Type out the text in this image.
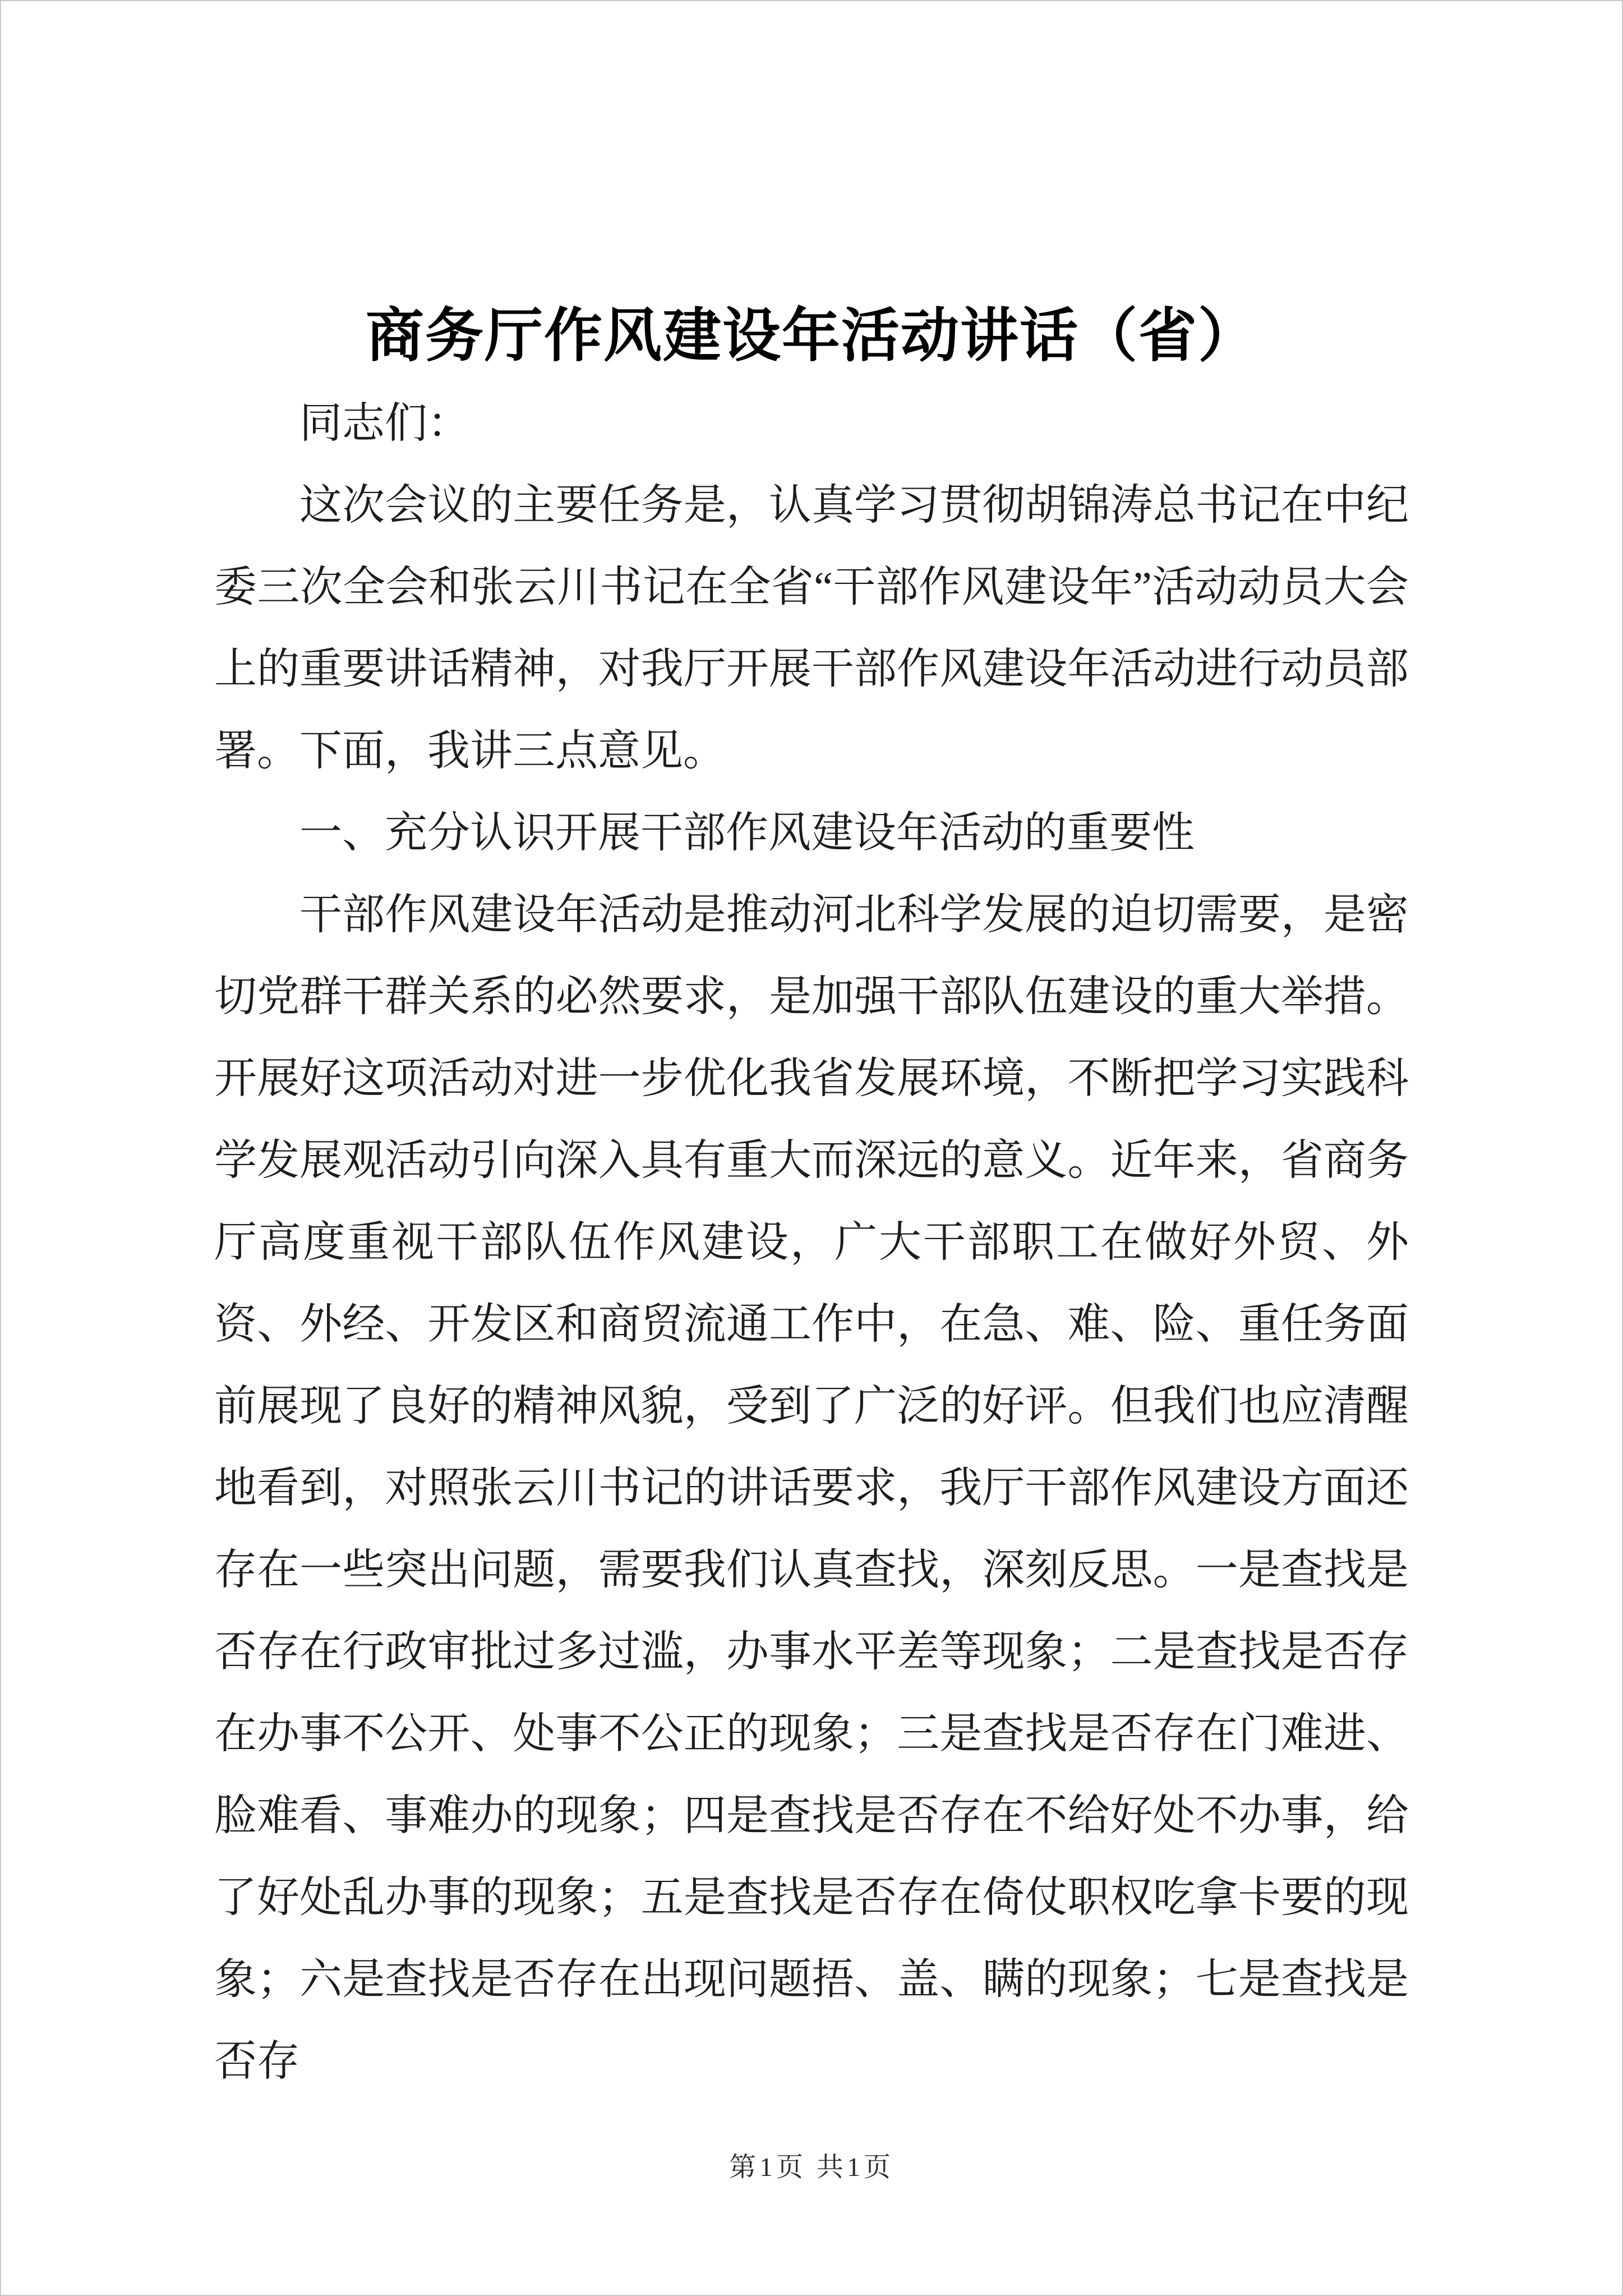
商务厅作风建设年活动讲话（省）

同志们：

这次会议的主要任务是，认真学习贯彻胡锦涛总书记在中纪委三次全会和张云川书记在全省“干部作风建设年”活动动员大会上的重要讲话精神，对我厅开展干部作风建设年活动进行动员部署。下面，我讲三点意见。

一、充分认识开展干部作风建设年活动的重要性

干部作风建设年活动是推动河北科学发展的迫切需要，是密切党群干群关系的必然要求，是加强干部队伍建设的重大举措。开展好这项活动对进一步优化我省发展环境，不断把学习实践科学发展观活动引向深入具有重大而深远的意义。近年来，省商务厅高度重视干部队伍作风建设，广大干部职工在做好外贸、外资、外经、开发区和商贸流通工作中，在急、难、险、重任务面前展现了良好的精神风貌，受到了广泛的好评。但我们也应清醒地看到，对照张云川书记的讲话要求，我厅干部作风建设方面还存在一些突出问题，需要我们认真查找，深刻反思。一是查找是否存在行政审批过多过滥，办事水平差等现象；二是查找是否存在办事不公开、处事不公正的现象；三是查找是否存在门难进、脸难看、事难办的现象；四是查找是否存在不给好处不办事，给了好处乱办事的现象；五是查找是否存在倚仗职权吃拿卡要的现象；六是查找是否存在出现问题捂、盖、瞒的现象；七是查找是否存

第1页 共1页
